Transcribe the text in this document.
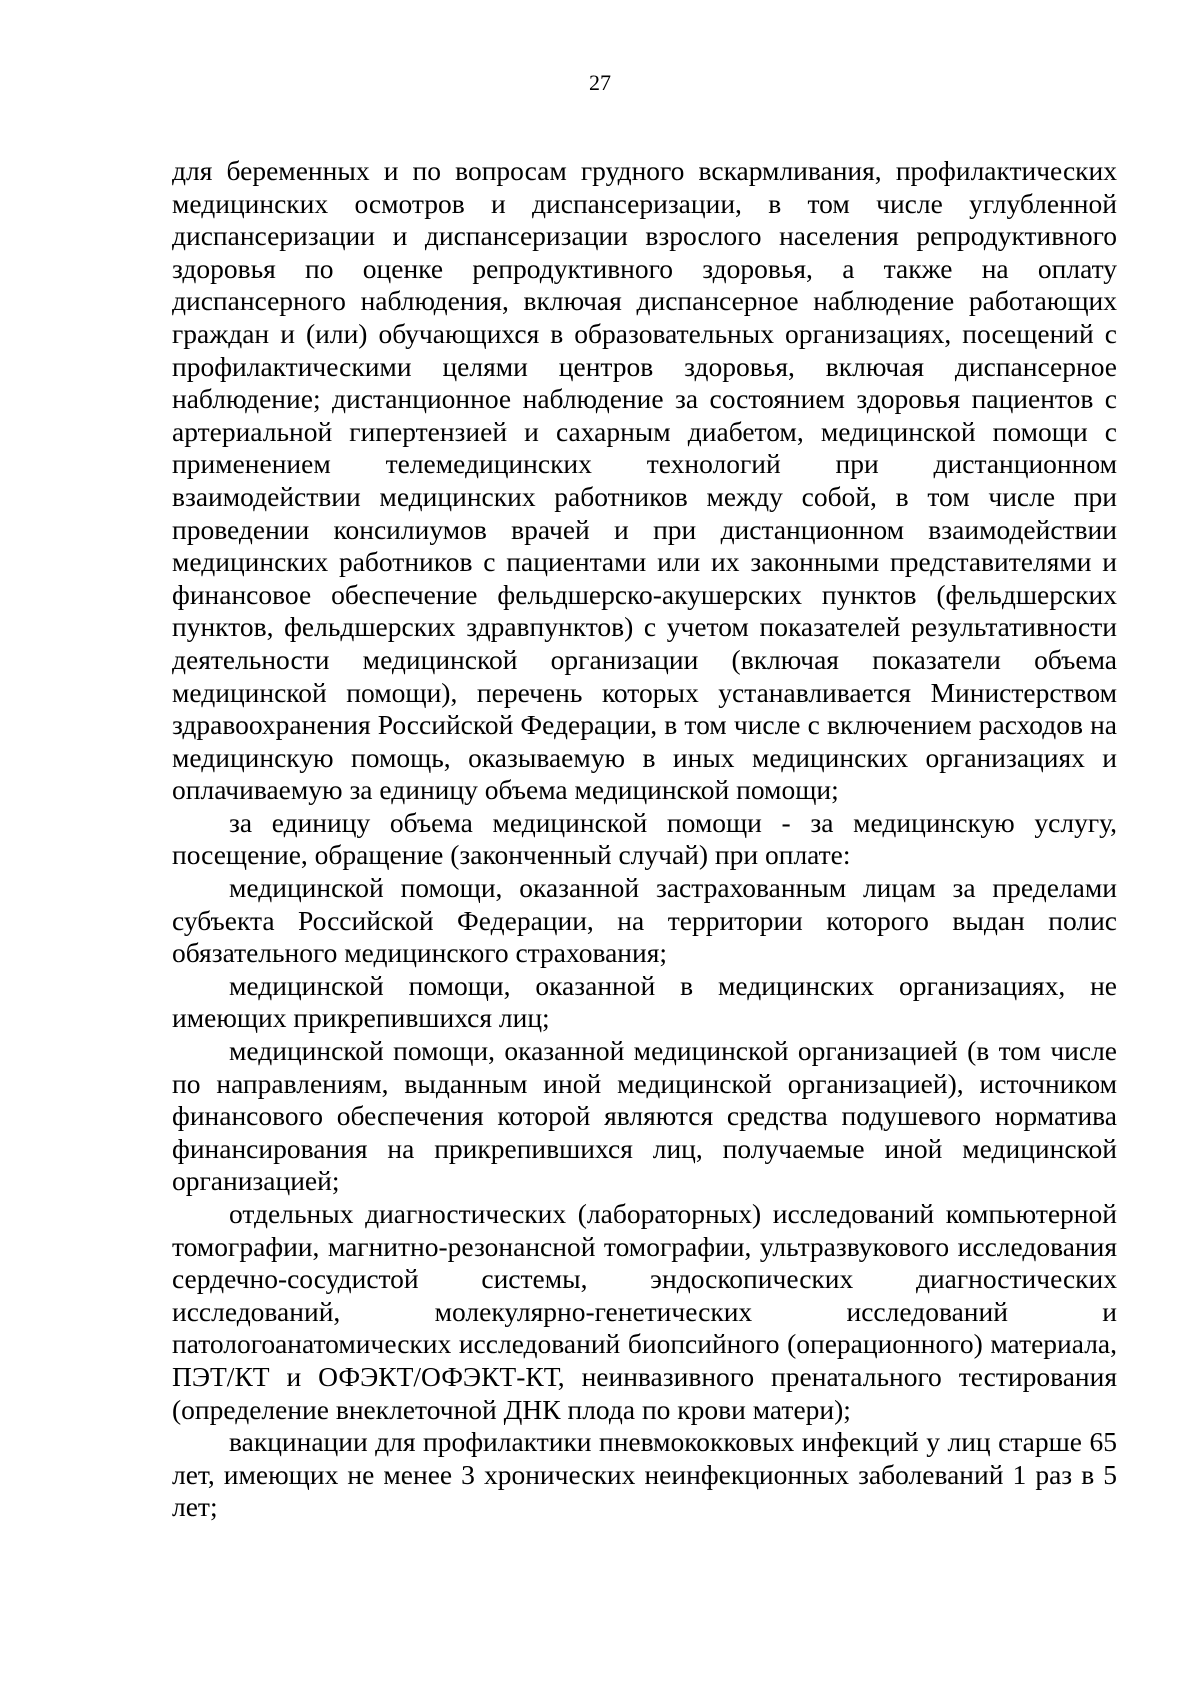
27

для беременных и по вопросам грудного вскармливания, профилактических медицинских осмотров и диспансеризации, в том числе углубленной диспансеризации и диспансеризации взрослого населения репродуктивного здоровья по оценке репродуктивного здоровья, а также на оплату диспансерного наблюдения, включая диспансерное наблюдение работающих граждан и (или) обучающихся в образовательных организациях, посещений с профилактическими целями центров здоровья, включая диспансерное наблюдение; дистанционное наблюдение за состоянием здоровья пациентов с артериальной гипертензией и сахарным диабетом, медицинской помощи с применением телемедицинских технологий при дистанционном взаимодействии медицинских работников между собой, в том числе при проведении консилиумов врачей и при дистанционном взаимодействии медицинских работников с пациентами или их законными представителями и финансовое обеспечение фельдшерско-акушерских пунктов (фельдшерских пунктов, фельдшерских здравпунктов) с учетом показателей результативности деятельности медицинской организации (включая показатели объема медицинской помощи), перечень которых устанавливается Министерством здравоохранения Российской Федерации, в том числе с включением расходов на медицинскую помощь, оказываемую в иных медицинских организациях и оплачиваемую за единицу объема медицинской помощи;

за единицу объема медицинской помощи - за медицинскую услугу, посещение, обращение (законченный случай) при оплате:

медицинской помощи, оказанной застрахованным лицам за пределами субъекта Российской Федерации, на территории которого выдан полис обязательного медицинского страхования;

медицинской помощи, оказанной в медицинских организациях, не имеющих прикрепившихся лиц;

медицинской помощи, оказанной медицинской организацией (в том числе по направлениям, выданным иной медицинской организацией), источником финансового обеспечения которой являются средства подушевого норматива финансирования на прикрепившихся лиц, получаемые иной медицинской организацией;

отдельных диагностических (лабораторных) исследований компьютерной томографии, магнитно-резонансной томографии, ультразвукового исследования сердечно-сосудистой системы, эндоскопических диагностических исследований, молекулярно-генетических исследований и патологоанатомических исследований биопсийного (операционного) материала, ПЭТ/КТ и ОФЭКТ/ОФЭКТ-КТ, неинвазивного пренатального тестирования (определение внеклеточной ДНК плода по крови матери);

вакцинации для профилактики пневмококковых инфекций у лиц старше 65 лет, имеющих не менее 3 хронических неинфекционных заболеваний 1 раз в 5 лет;
